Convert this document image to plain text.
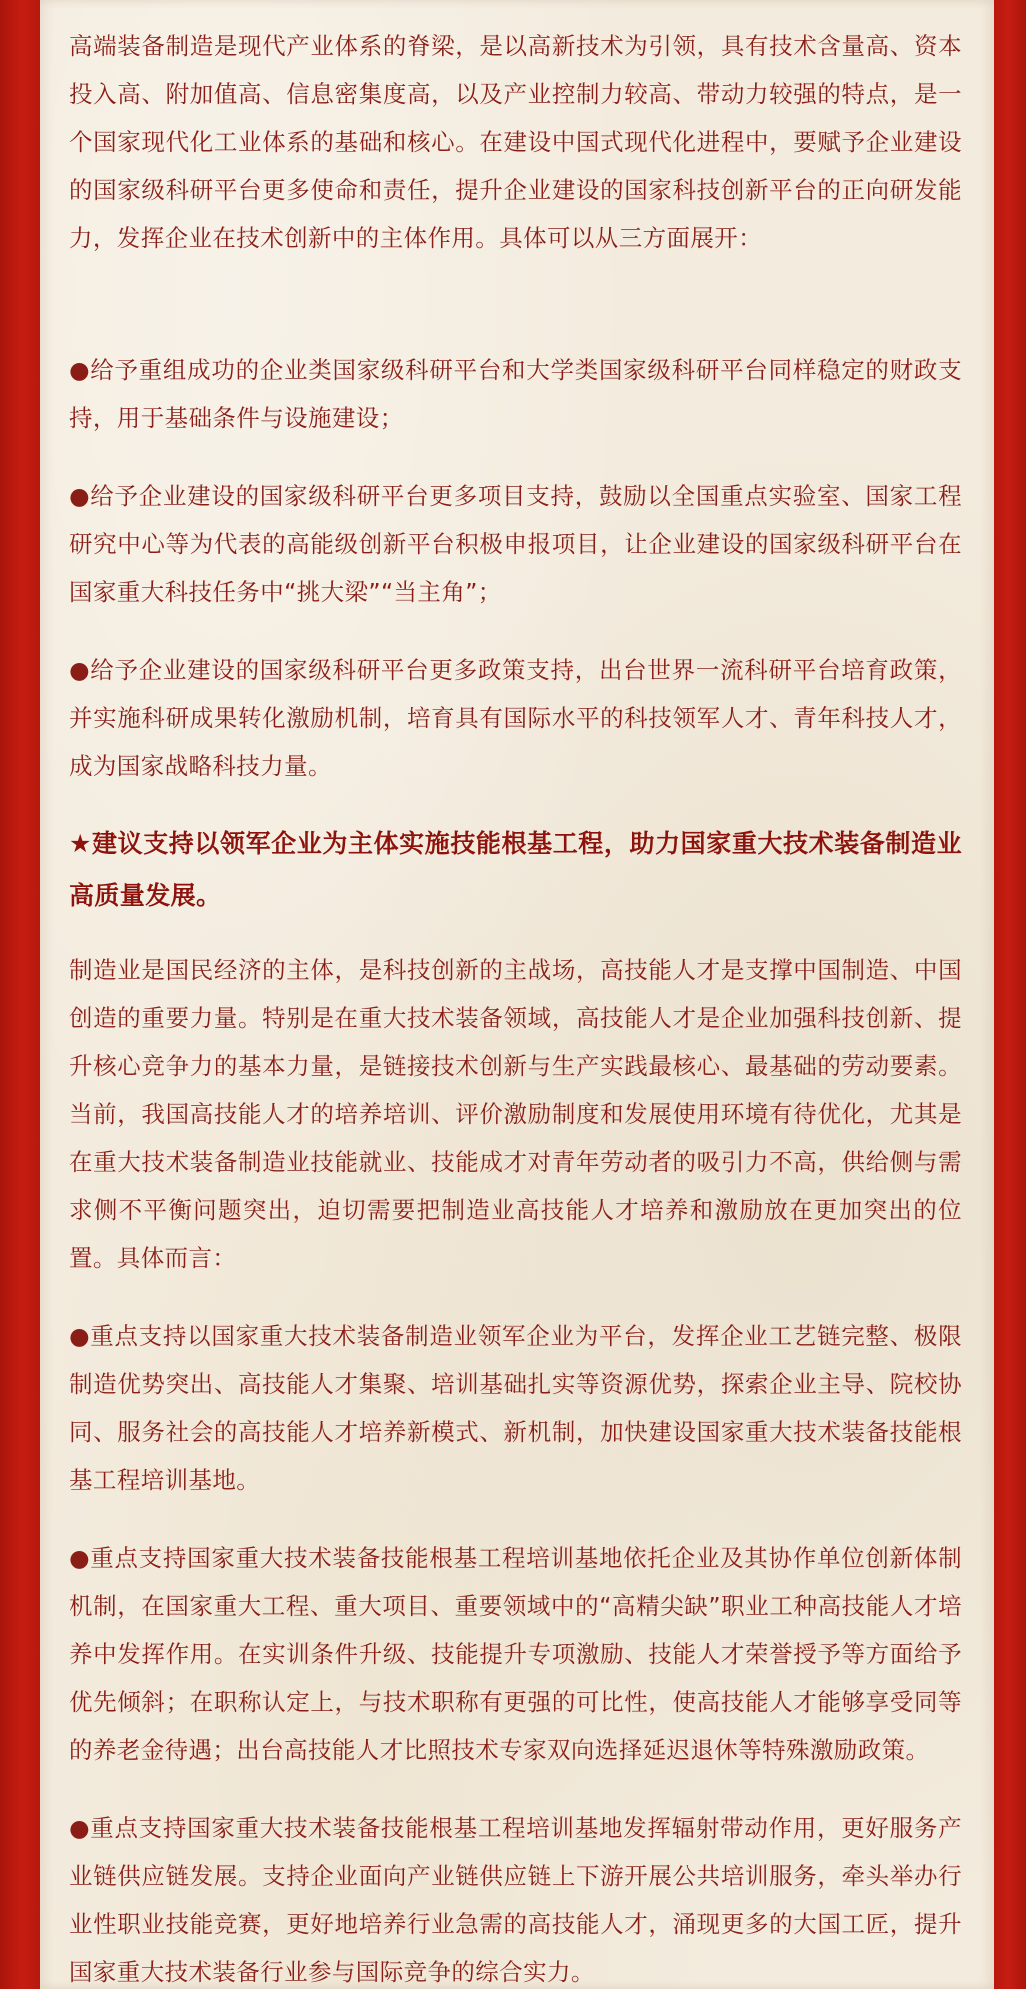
高端装备制造是现代产业体系的脊梁，是以高新技术为引领，具有技术含量高、资本投入高、附加值高、信息密集度高，以及产业控制力较高、带动力较强的特点，是一个国家现代化工业体系的基础和核心。在建设中国式现代化进程中，要赋予企业建设的国家级科研平台更多使命和责任，提升企业建设的国家科技创新平台的正向研发能力，发挥企业在技术创新中的主体作用。具体可以从三方面展开：

●给予重组成功的企业类国家级科研平台和大学类国家级科研平台同样稳定的财政支持，用于基础条件与设施建设；

●给予企业建设的国家级科研平台更多项目支持，鼓励以全国重点实验室、国家工程研究中心等为代表的高能级创新平台积极申报项目，让企业建设的国家级科研平台在国家重大科技任务中“挑大梁”“当主角”；

●给予企业建设的国家级科研平台更多政策支持，出台世界一流科研平台培育政策，并实施科研成果转化激励机制，培育具有国际水平的科技领军人才、青年科技人才，成为国家战略科技力量。

★建议支持以领军企业为主体实施技能根基工程，助力国家重大技术装备制造业高质量发展。

制造业是国民经济的主体，是科技创新的主战场，高技能人才是支撑中国制造、中国创造的重要力量。特别是在重大技术装备领域，高技能人才是企业加强科技创新、提升核心竞争力的基本力量，是链接技术创新与生产实践最核心、最基础的劳动要素。当前，我国高技能人才的培养培训、评价激励制度和发展使用环境有待优化，尤其是在重大技术装备制造业技能就业、技能成才对青年劳动者的吸引力不高，供给侧与需求侧不平衡问题突出，迫切需要把制造业高技能人才培养和激励放在更加突出的位置。具体而言：

●重点支持以国家重大技术装备制造业领军企业为平台，发挥企业工艺链完整、极限制造优势突出、高技能人才集聚、培训基础扎实等资源优势，探索企业主导、院校协同、服务社会的高技能人才培养新模式、新机制，加快建设国家重大技术装备技能根基工程培训基地。

●重点支持国家重大技术装备技能根基工程培训基地依托企业及其协作单位创新体制机制，在国家重大工程、重大项目、重要领域中的“高精尖缺”职业工种高技能人才培养中发挥作用。在实训条件升级、技能提升专项激励、技能人才荣誉授予等方面给予优先倾斜；在职称认定上，与技术职称有更强的可比性，使高技能人才能够享受同等的养老金待遇；出台高技能人才比照技术专家双向选择延迟退休等特殊激励政策。

●重点支持国家重大技术装备技能根基工程培训基地发挥辐射带动作用，更好服务产业链供应链发展。支持企业面向产业链供应链上下游开展公共培训服务，牵头举办行业性职业技能竞赛，更好地培养行业急需的高技能人才，涌现更多的大国工匠，提升国家重大技术装备行业参与国际竞争的综合实力。
